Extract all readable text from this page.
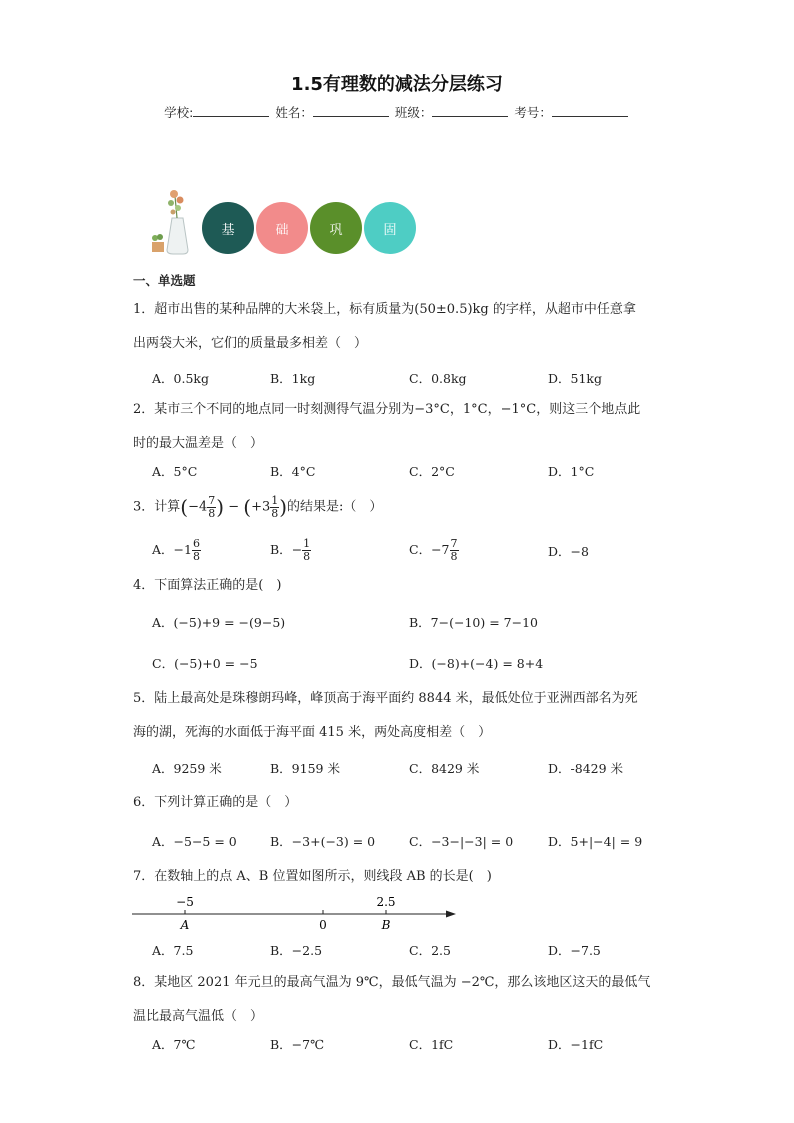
1.5有理数的减法分层练习
学校:	姓名：	班级：	考号：
基	础	巩	固
一、单选题
1．超市出售的某种品牌的大米袋上，标有质量为(50±0.5)kg 的字样，从超市中任意拿
出两袋大米，它们的质量最多相差（　）
A．0.5kg	B．1kg	C．0.8kg	D．51kg
2．某市三个不同的地点同一时刻测得气温分别为−3°C，1°C，−1°C，则这三个地点此
时的最大温差是（　）
A．5°C	B．4°C	C．2°C	D．1°C
3．计算($-4 \frac{7}{8}$ ) − ($+3 \frac{1}{8}$ )的结果是:（　）
A．$-1 \frac{6}{8}$	B．− $\frac{1}{8}$	C．$-7 \frac{7}{8}$	D．−8
4．下面算法正确的是(　)
A．(−5)+9 = −(9−5)	B．7−(−10) = 7−10
C．(−5)+0 = −5	D．(−8)+(−4) = 8+4
5．陆上最高处是珠穆朗玛峰，峰顶高于海平面约 8844 米，最低处位于亚洲西部名为死
海的湖，死海的水面低于海平面 415 米，两处高度相差（　）
A．9259 米	B．9159 米	C．8429 米	D．-8429 米
6．下列计算正确的是（　）
A．−5−5 = 0	B．−3+(−3) = 0	C．−3−|−3| = 0	D．5+|−4| = 9
7．在数轴上的点 A、B 位置如图所示，则线段 AB 的长是(　)
−5
0
2.5
A	B
A．7.5	B．−2.5	C．2.5	D．−7.5
8．某地区 2021 年元旦的最高气温为 9℃，最低气温为 −2℃，那么该地区这天的最低气
温比最高气温低（　）
A．7℃	B．−7℃	C．1fC	D．−1fC
